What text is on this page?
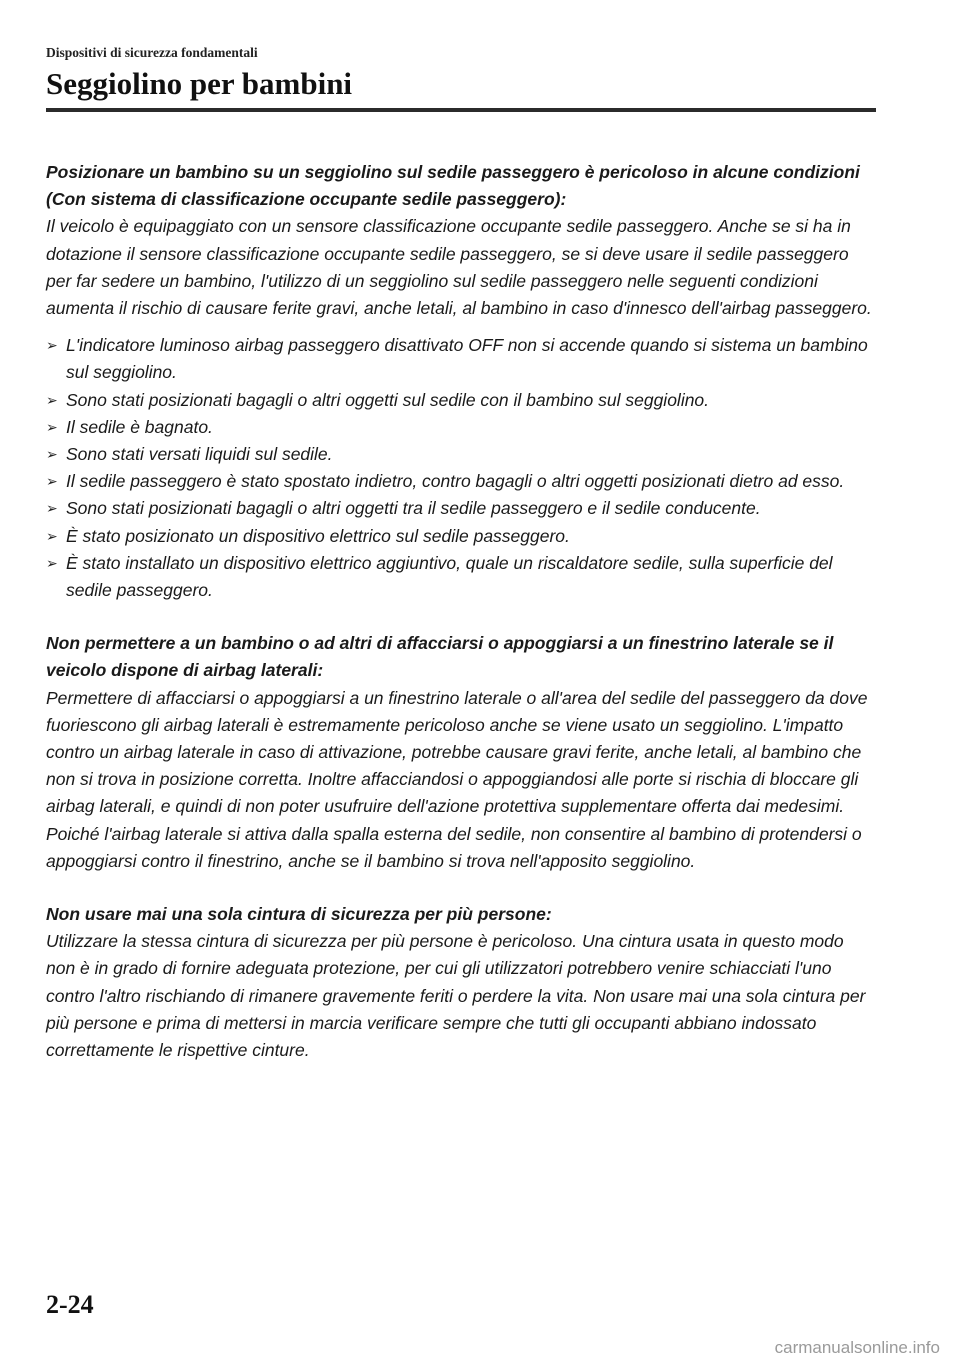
Dispositivi di sicurezza fondamentali
Seggiolino per bambini
Posizionare un bambino su un seggiolino sul sedile passeggero è pericoloso in alcune condizioni (Con sistema di classificazione occupante sedile passeggero):
Il veicolo è equipaggiato con un sensore classificazione occupante sedile passeggero. Anche se si ha in dotazione il sensore classificazione occupante sedile passeggero, se si deve usare il sedile passeggero per far sedere un bambino, l'utilizzo di un seggiolino sul sedile passeggero nelle seguenti condizioni aumenta il rischio di causare ferite gravi, anche letali, al bambino in caso d'innesco dell'airbag passeggero.
➢ L'indicatore luminoso airbag passeggero disattivato OFF non si accende quando si sistema un bambino sul seggiolino.
➢ Sono stati posizionati bagagli o altri oggetti sul sedile con il bambino sul seggiolino.
➢ Il sedile è bagnato.
➢ Sono stati versati liquidi sul sedile.
➢ Il sedile passeggero è stato spostato indietro, contro bagagli o altri oggetti posizionati dietro ad esso.
➢ Sono stati posizionati bagagli o altri oggetti tra il sedile passeggero e il sedile conducente.
➢ È stato posizionato un dispositivo elettrico sul sedile passeggero.
➢ È stato installato un dispositivo elettrico aggiuntivo, quale un riscaldatore sedile, sulla superficie del sedile passeggero.
Non permettere a un bambino o ad altri di affacciarsi o appoggiarsi a un finestrino laterale se il veicolo dispone di airbag laterali:
Permettere di affacciarsi o appoggiarsi a un finestrino laterale o all'area del sedile del passeggero da dove fuoriescono gli airbag laterali è estremamente pericoloso anche se viene usato un seggiolino. L'impatto contro un airbag laterale in caso di attivazione, potrebbe causare gravi ferite, anche letali, al bambino che non si trova in posizione corretta. Inoltre affacciandosi o appoggiandosi alle porte si rischia di bloccare gli airbag laterali, e quindi di non poter usufruire dell'azione protettiva supplementare offerta dai medesimi. Poiché l'airbag laterale si attiva dalla spalla esterna del sedile, non consentire al bambino di protendersi o appoggiarsi contro il finestrino, anche se il bambino si trova nell'apposito seggiolino.
Non usare mai una sola cintura di sicurezza per più persone:
Utilizzare la stessa cintura di sicurezza per più persone è pericoloso. Una cintura usata in questo modo non è in grado di fornire adeguata protezione, per cui gli utilizzatori potrebbero venire schiacciati l'uno contro l'altro rischiando di rimanere gravemente feriti o perdere la vita. Non usare mai una sola cintura per più persone e prima di mettersi in marcia verificare sempre che tutti gli occupanti abbiano indossato correttamente le rispettive cinture.
2-24
carmanualsonline.info
